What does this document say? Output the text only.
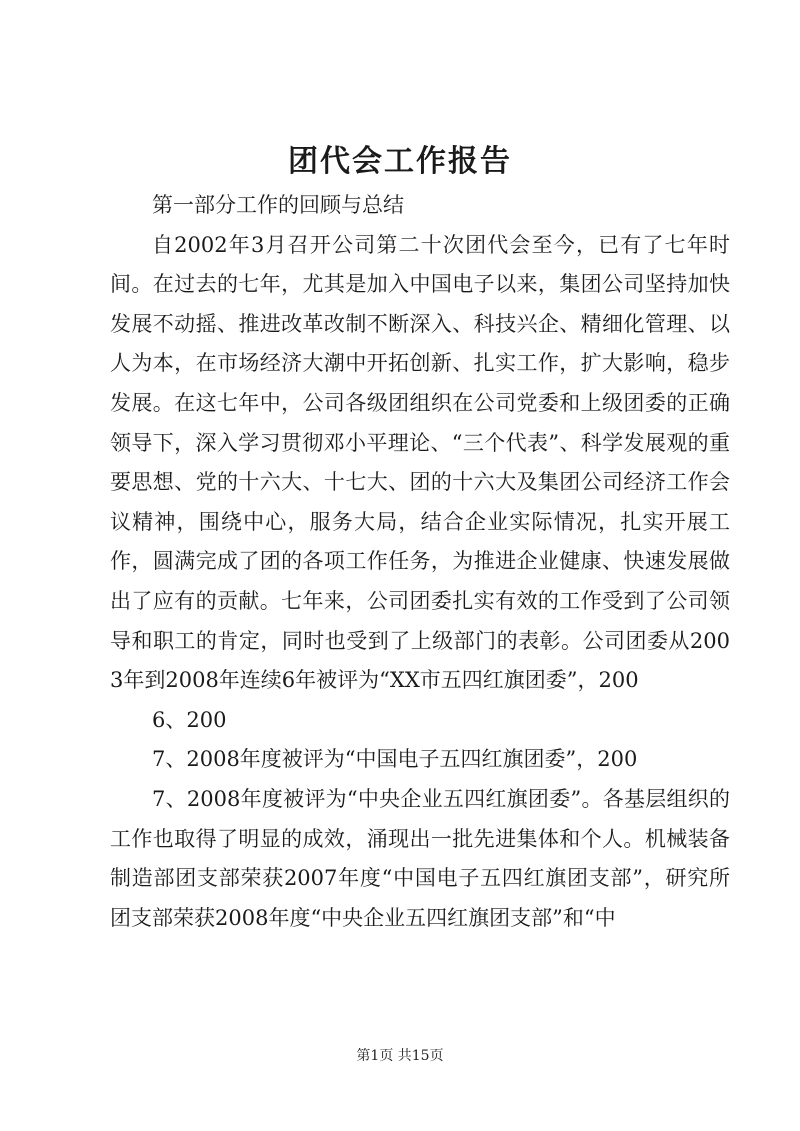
团代会工作报告

第一部分工作的回顾与总结

自2002年3月召开公司第二十次团代会至今，已有了七年时间。在过去的七年，尤其是加入中国电子以来，集团公司坚持加快发展不动摇、推进改革改制不断深入、科技兴企、精细化管理、以人为本，在市场经济大潮中开拓创新、扎实工作，扩大影响，稳步发展。在这七年中，公司各级团组织在公司党委和上级团委的正确领导下，深入学习贯彻邓小平理论、“三个代表”、科学发展观的重要思想、党的十六大、十七大、团的十六大及集团公司经济工作会议精神，围绕中心，服务大局，结合企业实际情况，扎实开展工作，圆满完成了团的各项工作任务，为推进企业健康、快速发展做出了应有的贡献。七年来，公司团委扎实有效的工作受到了公司领导和职工的肯定，同时也受到了上级部门的表彰。公司团委从2003年到2008年连续6年被评为“XX市五四红旗团委”，200

6、200

7、2008年度被评为“中国电子五四红旗团委”，200

7、2008年度被评为“中央企业五四红旗团委”。各基层组织的工作也取得了明显的成效，涌现出一批先进集体和个人。机械装备制造部团支部荣获2007年度“中国电子五四红旗团支部”，研究所团支部荣获2008年度“中央企业五四红旗团支部”和“中

第1页 共15页
